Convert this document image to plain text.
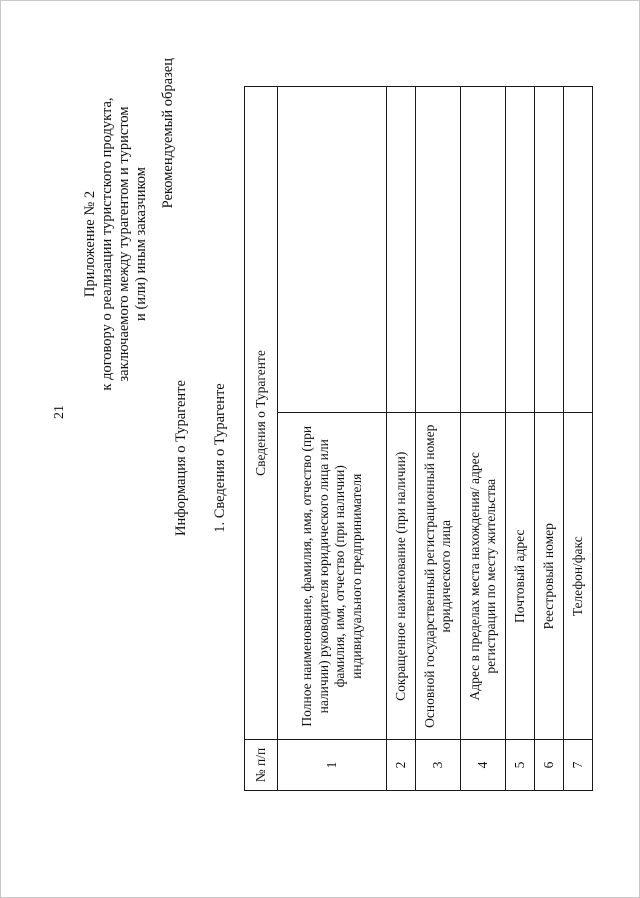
21
Приложение № 2 к договору о реализации туристского продукта, заключаемого между турагентом и туристом и (или) иным заказчиком
Рекомендуемый образец
Информация о Турагенте 1. Сведения о Турагенте
№ п/п	Сведения о Турагенте	
1	Полное наименование, фамилия, имя, отчество (при наличии) руководителя юридического лица или фамилия, имя, отчество (при наличии) индивидуального предпринимателя	
2	Сокращенное наименование (при наличии)	
3	Основной государственный регистрационный номер юридического лица	
4	Адрес в пределах места нахождения/ адрес регистрации по месту жительства	
5	Почтовый адрес	
6	Реестровый номер	
7	Телефон/факс	
